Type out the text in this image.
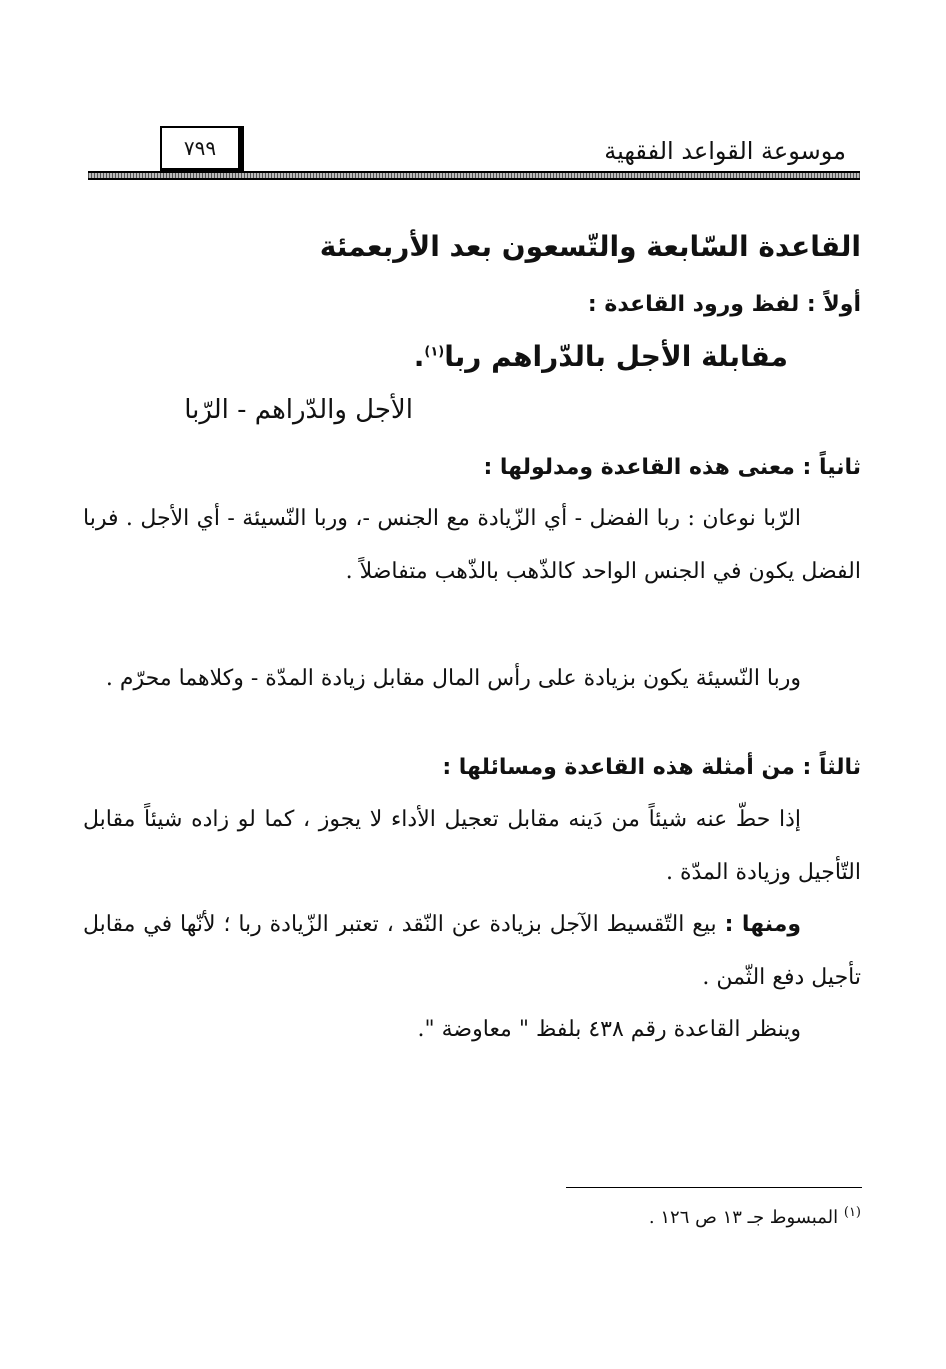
موسوعة القواعد الفقهية
٧٩٩
القاعدة السّابعة والتّسعون بعد الأربعمئة
أولاً : لفظ ورود القاعدة :
مقابلة الأجل بالدّراهم ربا$^{(١)}$.
الأجل والدّراهم - الرّبا
ثانياً : معنى هذه القاعدة ومدلولها :
الرّبا نوعان : ربا الفضل - أي الزّيادة مع الجنس -، وربا النّسيئة - أي الأجل . فربا الفضل يكون في الجنس الواحد كالذّهب بالذّهب متفاضلاً .
وربا النّسيئة يكون بزيادة على رأس المال مقابل زيادة المدّة - وكلاهما محرّم .
ثالثاً : من أمثلة هذه القاعدة ومسائلها :
إذا حطّ عنه شيئاً من دَينه مقابل تعجيل الأداء لا يجوز ، كما لو زاده شيئاً مقابل التّأجيل وزيادة المدّة .
ومنها : بيع التّقسيط الآجل بزيادة عن النّقد ، تعتبر الزّيادة ربا ؛ لأنّها في مقابل تأجيل دفع الثّمن .
وينظر القاعدة رقم ٤٣٨ بلفظ " معاوضة ".
$^{(١)}$ المبسوط جـ ١٣ ص ١٢٦ .
